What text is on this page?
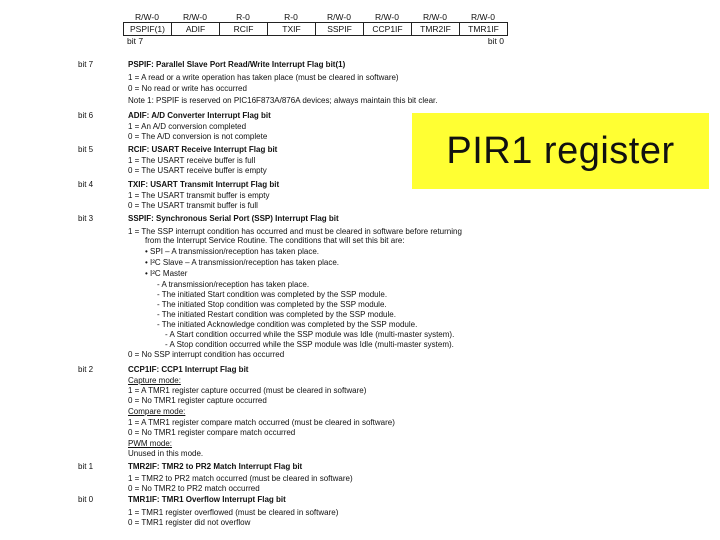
R/W-0	R/W-0	R-0	R-0	R/W-0	R/W-0	R/W-0	R/W-0
PSPIF(1)	ADIF	RCIF	TXIF	SSPIF	CCP1IF	TMR2IF	TMR1IF
bit 7	bit 0
bit 7	PSPIF: Parallel Slave Port Read/Write Interrupt Flag bit(1)
1 = A read or a write operation has taken place (must be cleared in software)
0 = No read or write has occurred
Note 1: PSPIF is reserved on PIC16F873A/876A devices; always maintain this bit clear.
bit 6	ADIF: A/D Converter Interrupt Flag bit
1 = An A/D conversion completed
0 = The A/D conversion is not complete
bit 5	RCIF: USART Receive Interrupt Flag bit
1 = The USART receive buffer is full
0 = The USART receive buffer is empty
bit 4	TXIF: USART Transmit Interrupt Flag bit
1 = The USART transmit buffer is empty
0 = The USART transmit buffer is full
bit 3	SSPIF: Synchronous Serial Port (SSP) Interrupt Flag bit
1 = The SSP interrupt condition has occurred and must be cleared in software before returning
from the Interrupt Service Routine. The conditions that will set this bit are:
• SPI – A transmission/reception has taken place.
• I²C Slave – A transmission/reception has taken place.
• I²C Master
- A transmission/reception has taken place.
- The initiated Start condition was completed by the SSP module.
- The initiated Stop condition was completed by the SSP module.
- The initiated Restart condition was completed by the SSP module.
- The initiated Acknowledge condition was completed by the SSP module.
- A Start condition occurred while the SSP module was Idle (multi-master system).
- A Stop condition occurred while the SSP module was Idle (multi-master system).
0 = No SSP interrupt condition has occurred
bit 2	CCP1IF: CCP1 Interrupt Flag bit
Capture mode:
1 = A TMR1 register capture occurred (must be cleared in software)
0 = No TMR1 register capture occurred
Compare mode:
1 = A TMR1 register compare match occurred (must be cleared in software)
0 = No TMR1 register compare match occurred
PWM mode:
Unused in this mode.
bit 1	TMR2IF: TMR2 to PR2 Match Interrupt Flag bit
1 = TMR2 to PR2 match occurred (must be cleared in software)
0 = No TMR2 to PR2 match occurred
bit 0	TMR1IF: TMR1 Overflow Interrupt Flag bit
1 = TMR1 register overflowed (must be cleared in software)
0 = TMR1 register did not overflow
PIR1 register
